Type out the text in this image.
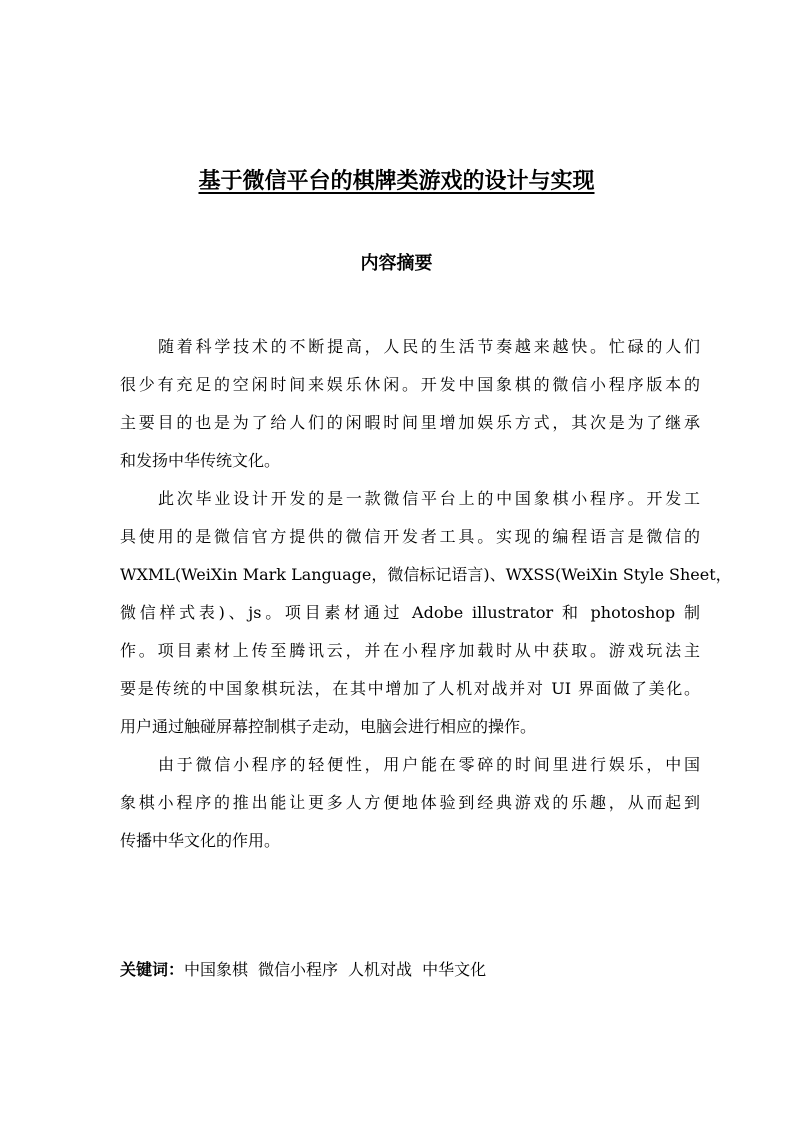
基于微信平台的棋牌类游戏的设计与实现
内容摘要
随着科学技术的不断提高，人民的生活节奏越来越快。忙碌的人们
很少有充足的空闲时间来娱乐休闲。开发中国象棋的微信小程序版本的
主要目的也是为了给人们的闲暇时间里增加娱乐方式，其次是为了继承
和发扬中华传统文化。
此次毕业设计开发的是一款微信平台上的中国象棋小程序。开发工
具使用的是微信官方提供的微信开发者工具。实现的编程语言是微信的
WXML(WeiXin Mark Language，微信标记语言)、WXSS(WeiXin Style Sheet，
微信样式表)、js。项目素材通过 Adobe illustrator 和 photoshop 制
作。项目素材上传至腾讯云，并在小程序加载时从中获取。游戏玩法主
要是传统的中国象棋玩法，在其中增加了人机对战并对 UI 界面做了美化。
用户通过触碰屏幕控制棋子走动，电脑会进行相应的操作。
由于微信小程序的轻便性，用户能在零碎的时间里进行娱乐，中国
象棋小程序的推出能让更多人方便地体验到经典游戏的乐趣，从而起到
传播中华文化的作用。
关键词：中国象棋 微信小程序 人机对战 中华文化
